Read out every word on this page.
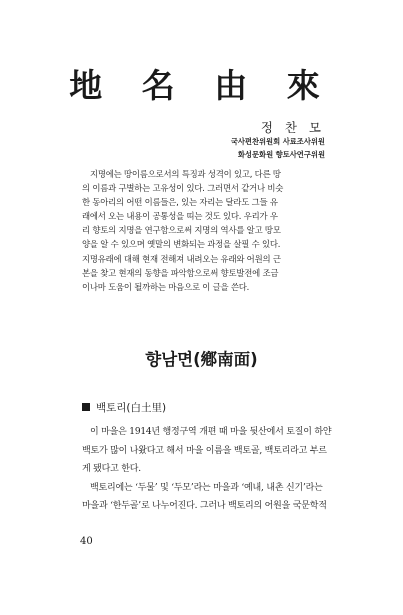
地 名 由 來
정 찬 모
국사편찬위원회 사료조사위원
화성문화원 향토사연구위원
지명에는 땅이름으로서의 특징과 성격이 있고, 다른 땅
의 이름과 구별하는 고유성이 있다. 그러면서 같거나 비슷
한 동아리의 어떤 이름들은, 있는 자리는 달라도 그들 유
래에서 오는 내용이 공통성을 띠는 것도 있다. 우리가 우
리 향토의 지명을 연구함으로써 지명의 역사를 알고 땅모
양을 알 수 있으며 옛말의 변화되는 과정을 살필 수 있다.
지명유래에 대해 현재 전해져 내려오는 유래와 어원의 근
본을 찾고 현재의 동향을 파악함으로써 향토발전에 조금
이나마 도움이 될까하는 마음으로 이 글을 쓴다.
향남면(鄕南面)
백토리(白土里)
이 마을은 1914년 행정구역 개편 때 마을 뒷산에서 토질이 하얀
백토가 많이 나왔다고 해서 마을 이름을 백토골, 백토리라고 부르
게 됐다고 한다.
백토리에는 ‘두물’ 및 ‘두모’라는 마을과 ‘예내, 내촌 신기’라는
마을과 ‘한두골’로 나누어진다. 그러나 백토리의 어원을 국문학적
40
